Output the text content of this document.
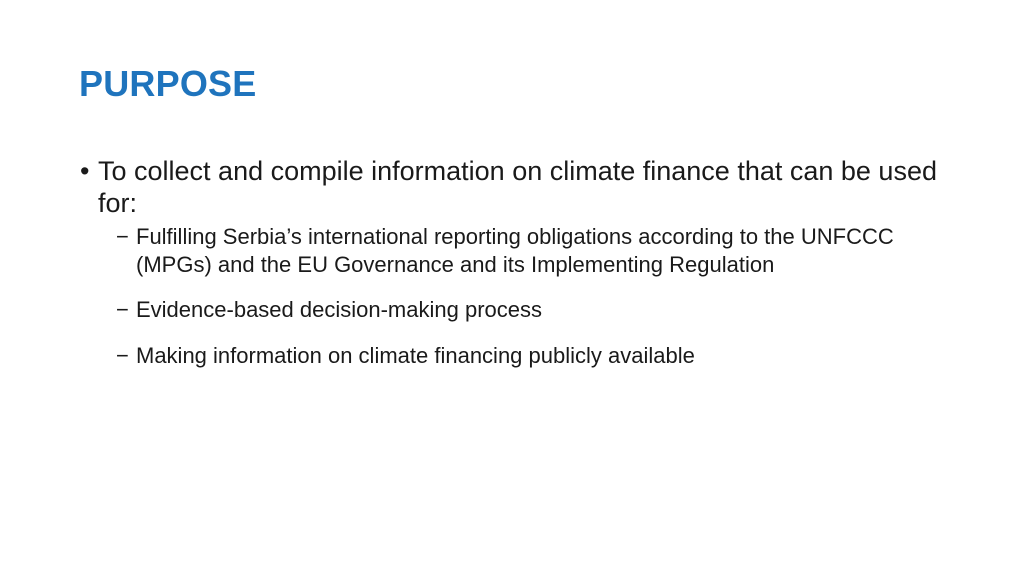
PURPOSE
• To collect and compile information on climate finance that can be used for:
− Fulfilling Serbia’s international reporting obligations according to the UNFCCC (MPGs) and the EU Governance and its Implementing Regulation
− Evidence-based decision-making process
− Making information on climate financing publicly available
